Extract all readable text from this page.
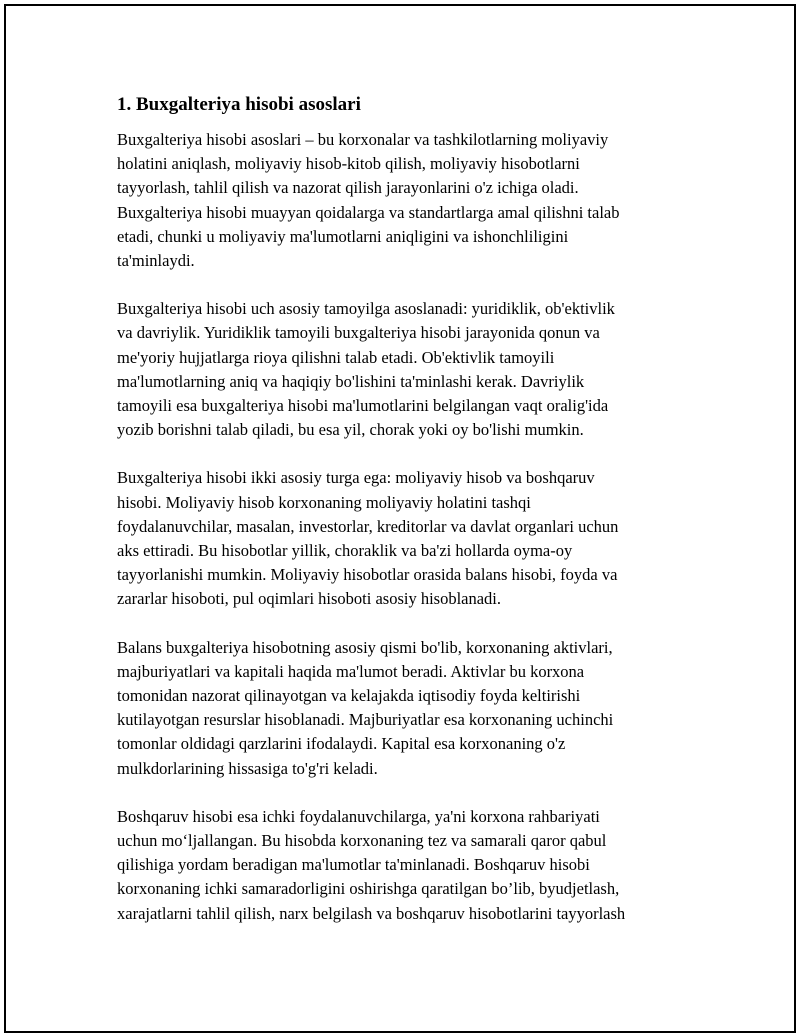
1. Buxgalteriya hisobi asoslari

Buxgalteriya hisobi asoslari – bu korxonalar va tashkilotlarning moliyaviy
holatini aniqlash, moliyaviy hisob-kitob qilish, moliyaviy hisobotlarni
tayyorlash, tahlil qilish va nazorat qilish jarayonlarini o'z ichiga oladi.
Buxgalteriya hisobi muayyan qoidalarga va standartlarga amal qilishni talab
etadi, chunki u moliyaviy ma'lumotlarni aniqligini va ishonchliligini
ta'minlaydi.

Buxgalteriya hisobi uch asosiy tamoyilga asoslanadi: yuridiklik, ob'ektivlik
va davriylik. Yuridiklik tamoyili buxgalteriya hisobi jarayonida qonun va
me'yoriy hujjatlarga rioya qilishni talab etadi. Ob'ektivlik tamoyili
ma'lumotlarning aniq va haqiqiy bo'lishini ta'minlashi kerak. Davriylik
tamoyili esa buxgalteriya hisobi ma'lumotlarini belgilangan vaqt oralig'ida
yozib borishni talab qiladi, bu esa yil, chorak yoki oy bo'lishi mumkin.

Buxgalteriya hisobi ikki asosiy turga ega: moliyaviy hisob va boshqaruv
hisobi. Moliyaviy hisob korxonaning moliyaviy holatini tashqi
foydalanuvchilar, masalan, investorlar, kreditorlar va davlat organlari uchun
aks ettiradi. Bu hisobotlar yillik, choraklik va ba'zi hollarda oyma-oy
tayyorlanishi mumkin. Moliyaviy hisobotlar orasida balans hisobi, foyda va
zararlar hisoboti, pul oqimlari hisoboti asosiy hisoblanadi.

Balans buxgalteriya hisobotning asosiy qismi bo'lib, korxonaning aktivlari,
majburiyatlari va kapitali haqida ma'lumot beradi. Aktivlar bu korxona
tomonidan nazorat qilinayotgan va kelajakda iqtisodiy foyda keltirishi
kutilayotgan resurslar hisoblanadi. Majburiyatlar esa korxonaning uchinchi
tomonlar oldidagi qarzlarini ifodalaydi. Kapital esa korxonaning o'z
mulkdorlarining hissasiga to'g'ri keladi.

Boshqaruv hisobi esa ichki foydalanuvchilarga, ya'ni korxona rahbariyati
uchun moʻljallangan. Bu hisobda korxonaning tez va samarali qaror qabul
qilishiga yordam beradigan ma'lumotlar ta'minlanadi. Boshqaruv hisobi
korxonaning ichki samaradorligini oshirishga qaratilgan bo’lib, byudjetlash,
xarajatlarni tahlil qilish, narx belgilash va boshqaruv hisobotlarini tayyorlash
